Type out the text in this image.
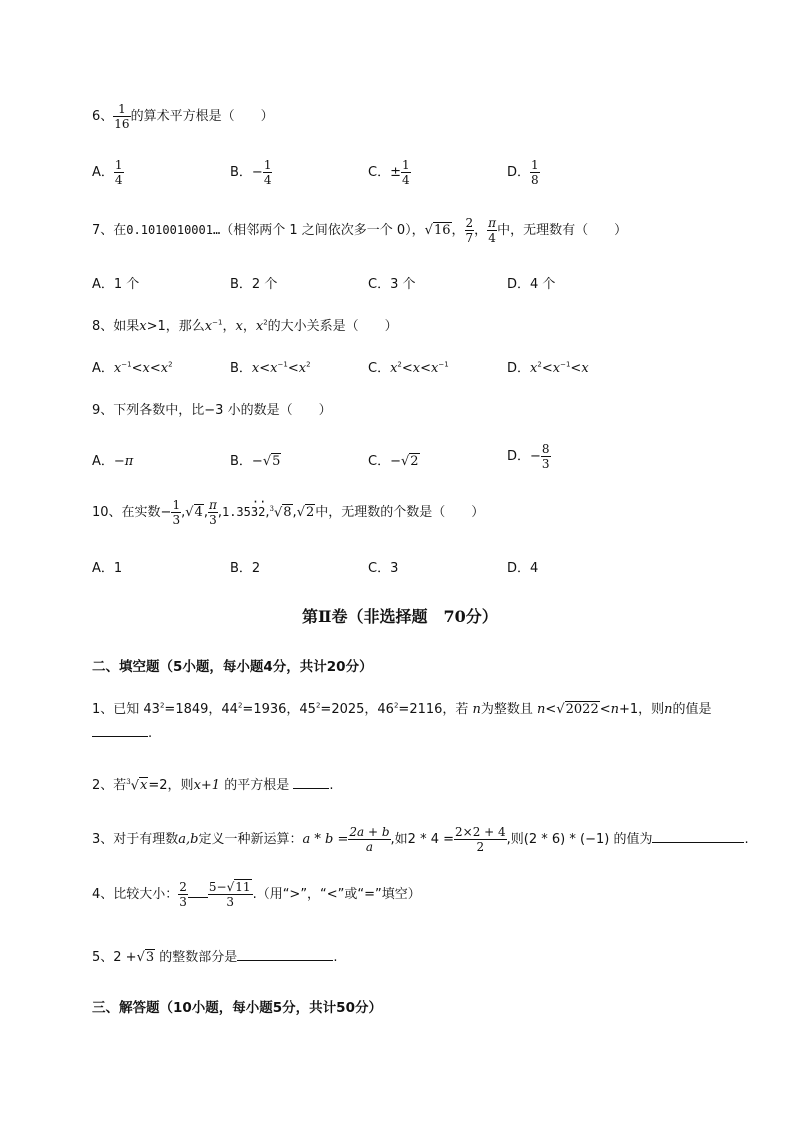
6、 $\frac{1}{16}$ 的算术平方根是（　　）
A． $\frac{1}{4}$	B．− $\frac{1}{4}$	C．± $\frac{1}{4}$	D． $\frac{1}{8}$
7、在0.1010010001…（相邻两个 1 之间依次多一个 0），√16， $\frac{2}{7}$ ， $\frac{\pi}{4}$ 中，无理数有（　　）
A．1 个	B．2 个	C．3 个	D．4 个
8、如果x>1，那么$x^{-1}$，x，$x^2$的大小关系是（　　）
A．$x^{-1}<x<x^2$	B．$x<x^{-1}<x^2$	C．$x^2<x<x^{-1}$	D．$x^2<x^{-1}<x$
9、下列各数中，比−3 小的数是（　　）
A．−π	B．−√5	C．−√2	D．− $\frac{8}{3}$
10、在实数− $\frac{1}{3} ,√4$, $\frac{\pi}{3} ,1.35\cdot 3\cdot 2,^3√8,√2$中，无理数的个数是（　　）
A．1	B．2	C．3	D．4
第Ⅱ卷（非选择题　70分）
二、填空题（5小题，每小题4分，共计20分）
1、已知 $43^2=1849$，$44^2=1936$，$45^2=2025$，$46^2=2116$，若 n为整数且 n<√2022<n+1，则n的值是
.
2、若$^3$√x=2，则x+1 的平方根是	.
3、对于有理数a,b定义一种新运算：$a * b = \frac{2a + b}{a}$ ,如$2 * 4 = \frac{2\times 2 + 4}{2}$ ,则(2 * 6) * (−1) 的值为	.
4、比较大小： $\frac{2}{3} \frac{5-√11}{3}$ .（用“>”，“<”或“=”填空）
5、2 +√3 的整数部分是	.
三、解答题（10小题，每小题5分，共计50分）
